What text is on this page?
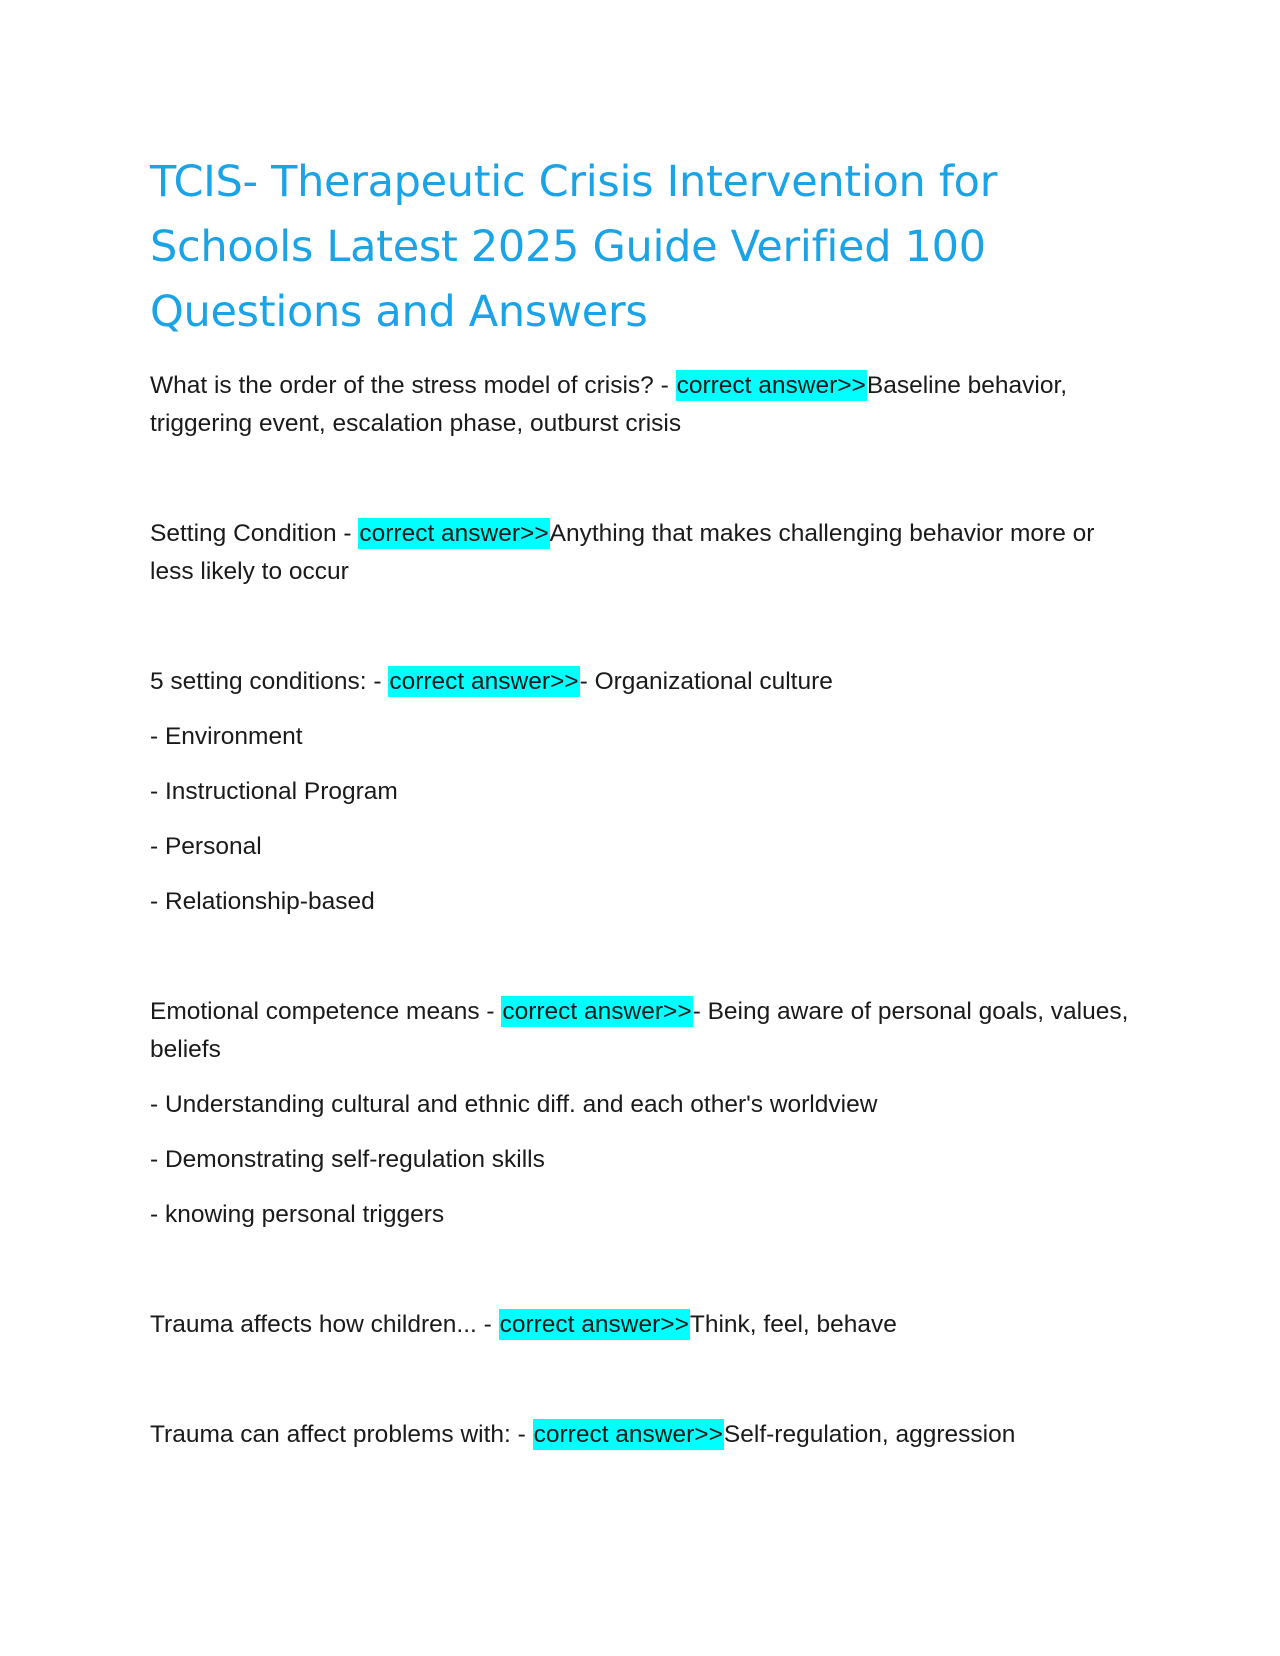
TCIS- Therapeutic Crisis Intervention for Schools Latest 2025 Guide Verified 100 Questions and Answers

What is the order of the stress model of crisis? - correct answer>>Baseline behavior, triggering event, escalation phase, outburst crisis

Setting Condition - correct answer>>Anything that makes challenging behavior more or less likely to occur

5 setting conditions: - correct answer>>- Organizational culture

- Environment

- Instructional Program

- Personal

- Relationship-based

Emotional competence means - correct answer>>- Being aware of personal goals, values, beliefs

- Understanding cultural and ethnic diff. and each other's worldview

- Demonstrating self-regulation skills

- knowing personal triggers

Trauma affects how children... - correct answer>>Think, feel, behave

Trauma can affect problems with: - correct answer>>Self-regulation, aggression
